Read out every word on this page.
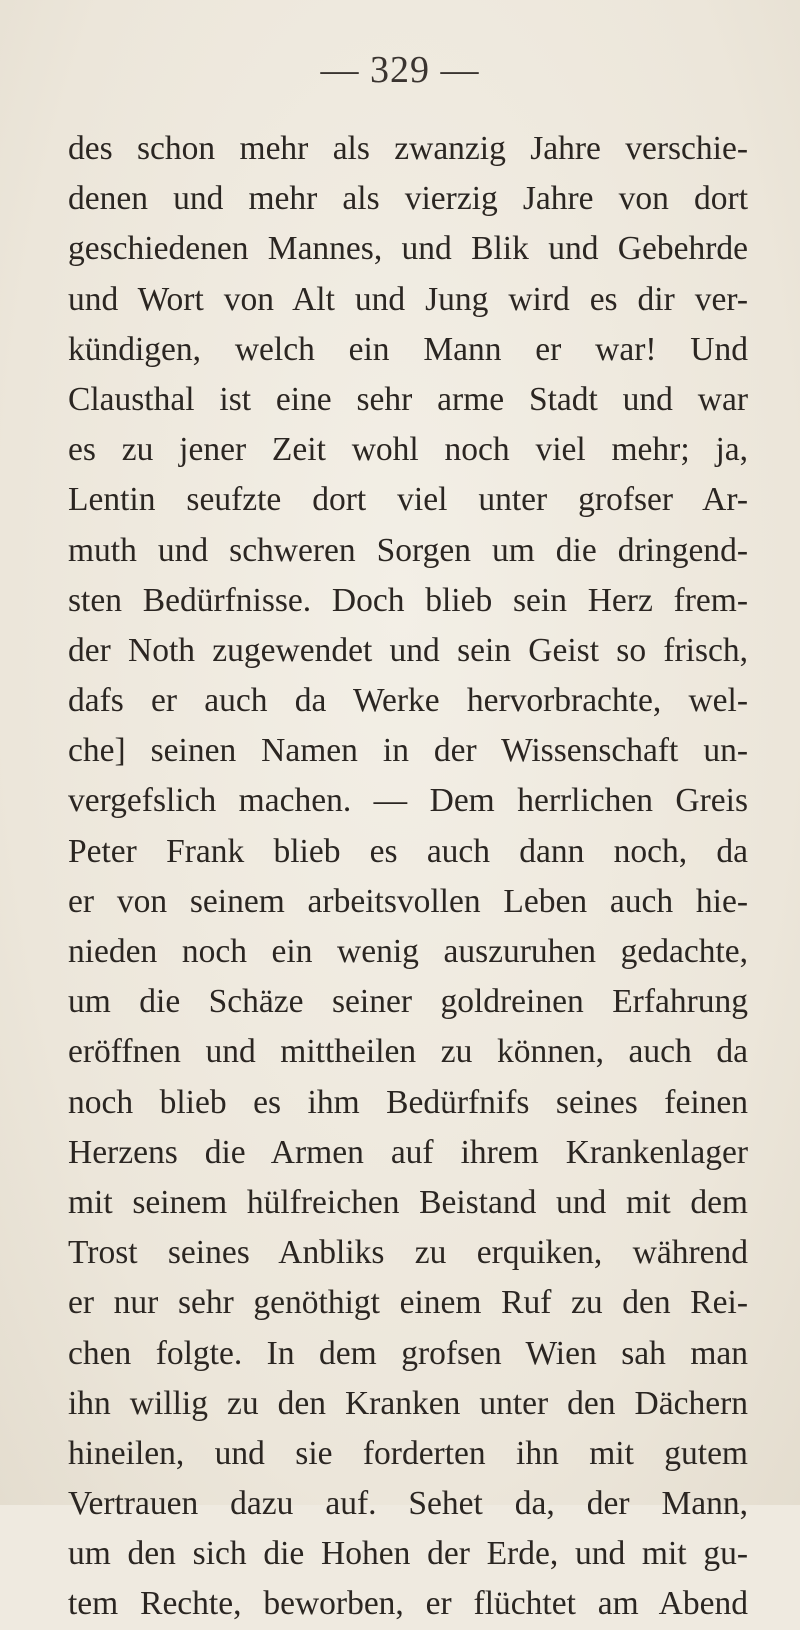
— 329 —
des schon mehr als zwanzig Jahre verschie-
denen und mehr als vierzig Jahre von dort
geschiedenen Mannes, und Blik und Gebehrde
und Wort von Alt und Jung wird es dir ver-
kündigen, welch ein Mann er war! Und
Clausthal ist eine sehr arme Stadt und war
es zu jener Zeit wohl noch viel mehr; ja,
Lentin seufzte dort viel unter grofser Ar-
muth und schweren Sorgen um die dringend-
sten Bedürfnisse. Doch blieb sein Herz frem-
der Noth zugewendet und sein Geist so frisch,
dafs er auch da Werke hervorbrachte, wel-
che] seinen Namen in der Wissenschaft un-
vergefslich machen. — Dem herrlichen Greis
Peter Frank blieb es auch dann noch, da
er von seinem arbeitsvollen Leben auch hie-
nieden noch ein wenig auszuruhen gedachte,
um die Schäze seiner goldreinen Erfahrung
eröffnen und mittheilen zu können, auch da
noch blieb es ihm Bedürfnifs seines feinen
Herzens die Armen auf ihrem Krankenlager
mit seinem hülfreichen Beistand und mit dem
Trost seines Anbliks zu erquiken, während
er nur sehr genöthigt einem Ruf zu den Rei-
chen folgte. In dem grofsen Wien sah man
ihn willig zu den Kranken unter den Dächern
hineilen, und sie forderten ihn mit gutem
Vertrauen dazu auf. Sehet da, der Mann,
um den sich die Hohen der Erde, und mit gu-
tem Rechte, beworben, er flüchtet am Abend
